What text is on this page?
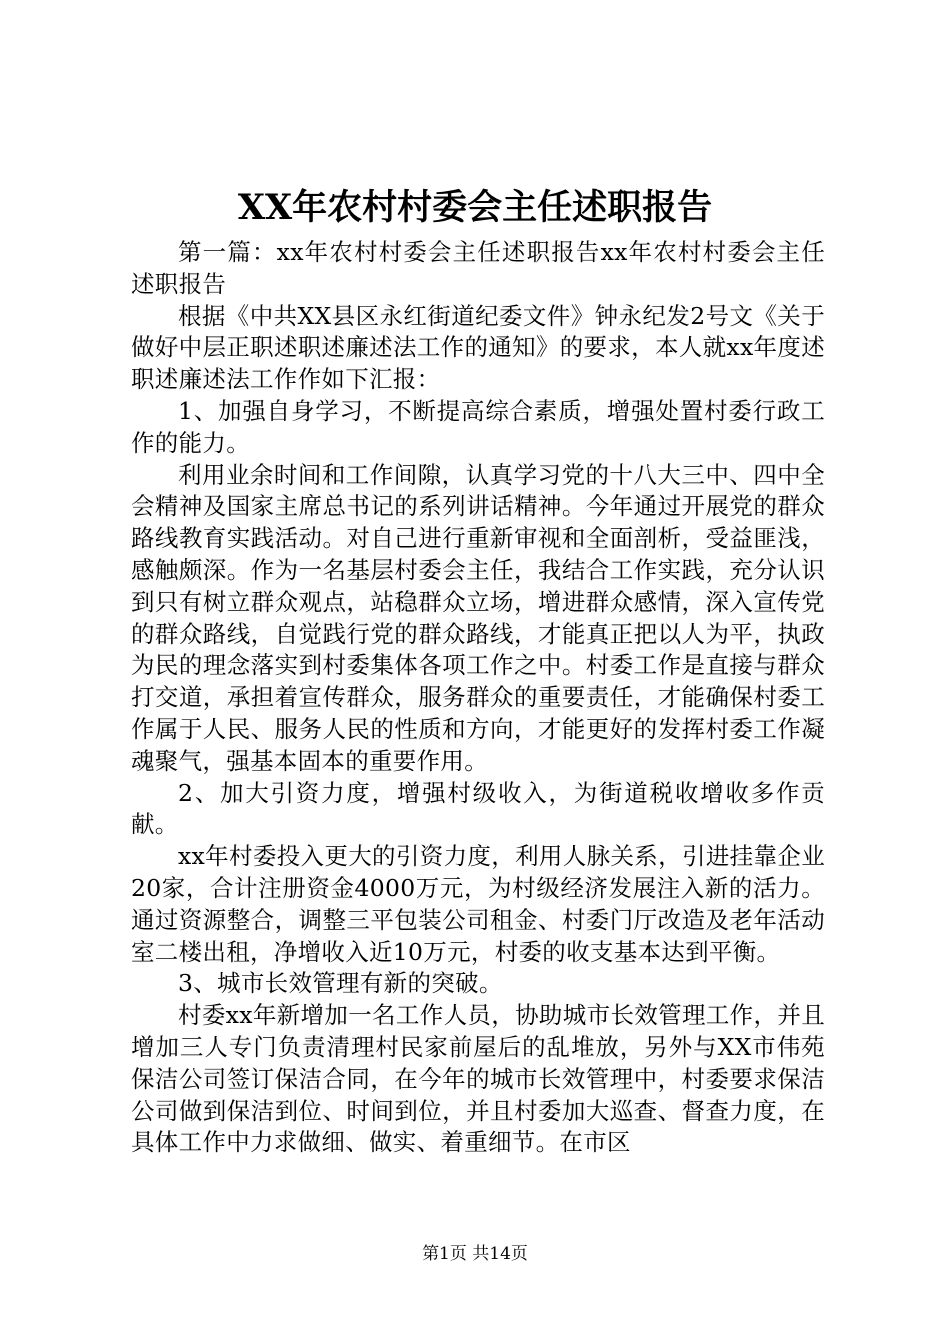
XX年农村村委会主任述职报告

第一篇：xx年农村村委会主任述职报告xx年农村村委会主任述职报告

根据《中共XX县区永红街道纪委文件》钟永纪发2号文《关于做好中层正职述职述廉述法工作的通知》的要求，本人就xx年度述职述廉述法工作作如下汇报：

1、加强自身学习，不断提高综合素质，增强处置村委行政工作的能力。

利用业余时间和工作间隙，认真学习党的十八大三中、四中全会精神及国家主席总书记的系列讲话精神。今年通过开展党的群众路线教育实践活动。对自己进行重新审视和全面剖析，受益匪浅，感触颇深。作为一名基层村委会主任，我结合工作实践，充分认识到只有树立群众观点，站稳群众立场，增进群众感情，深入宣传党的群众路线，自觉践行党的群众路线，才能真正把以人为平，执政为民的理念落实到村委集体各项工作之中。村委工作是直接与群众打交道，承担着宣传群众，服务群众的重要责任，才能确保村委工作属于人民、服务人民的性质和方向，才能更好的发挥村委工作凝魂聚气，强基本固本的重要作用。

2、加大引资力度，增强村级收入，为街道税收增收多作贡献。

xx年村委投入更大的引资力度，利用人脉关系，引进挂靠企业20家，合计注册资金4000万元，为村级经济发展注入新的活力。通过资源整合，调整三平包装公司租金、村委门厅改造及老年活动室二楼出租，净增收入近10万元，村委的收支基本达到平衡。

3、城市长效管理有新的突破。

村委xx年新增加一名工作人员，协助城市长效管理工作，并且增加三人专门负责清理村民家前屋后的乱堆放，另外与XX市伟苑保洁公司签订保洁合同，在今年的城市长效管理中，村委要求保洁公司做到保洁到位、时间到位，并且村委加大巡查、督查力度，在具体工作中力求做细、做实、着重细节。在市区

第1页 共14页
